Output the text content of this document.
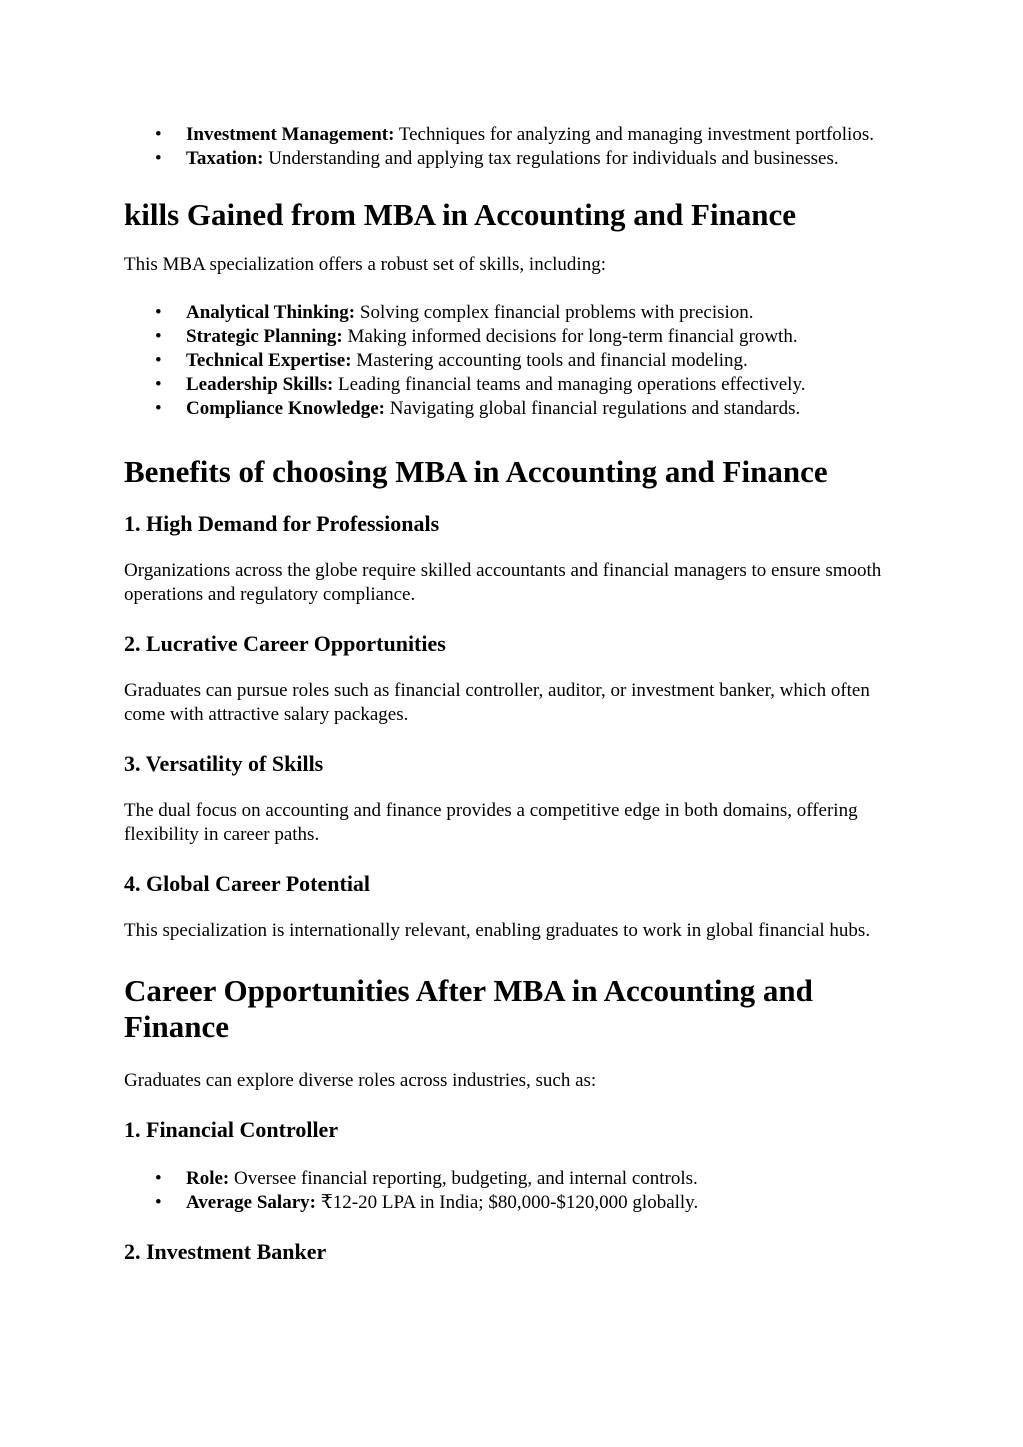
• Investment Management: Techniques for analyzing and managing investment portfolios.
• Taxation: Understanding and applying tax regulations for individuals and businesses.
kills Gained from MBA in Accounting and Finance

This MBA specialization offers a robust set of skills, including:

• Analytical Thinking: Solving complex financial problems with precision.
• Strategic Planning: Making informed decisions for long-term financial growth.
• Technical Expertise: Mastering accounting tools and financial modeling.
• Leadership Skills: Leading financial teams and managing operations effectively.
• Compliance Knowledge: Navigating global financial regulations and standards.
Benefits of choosing MBA in Accounting and Finance
1. High Demand for Professionals

Organizations across the globe require skilled accountants and financial managers to ensure smooth operations and regulatory compliance.

2. Lucrative Career Opportunities

Graduates can pursue roles such as financial controller, auditor, or investment banker, which often come with attractive salary packages.

3. Versatility of Skills

The dual focus on accounting and finance provides a competitive edge in both domains, offering flexibility in career paths.

4. Global Career Potential

This specialization is internationally relevant, enabling graduates to work in global financial hubs.

Career Opportunities After MBA in Accounting and Finance

Graduates can explore diverse roles across industries, such as:

1. Financial Controller
• Role: Oversee financial reporting, budgeting, and internal controls.
• Average Salary: ₹12-20 LPA in India; $80,000-$120,000 globally.
2. Investment Banker
